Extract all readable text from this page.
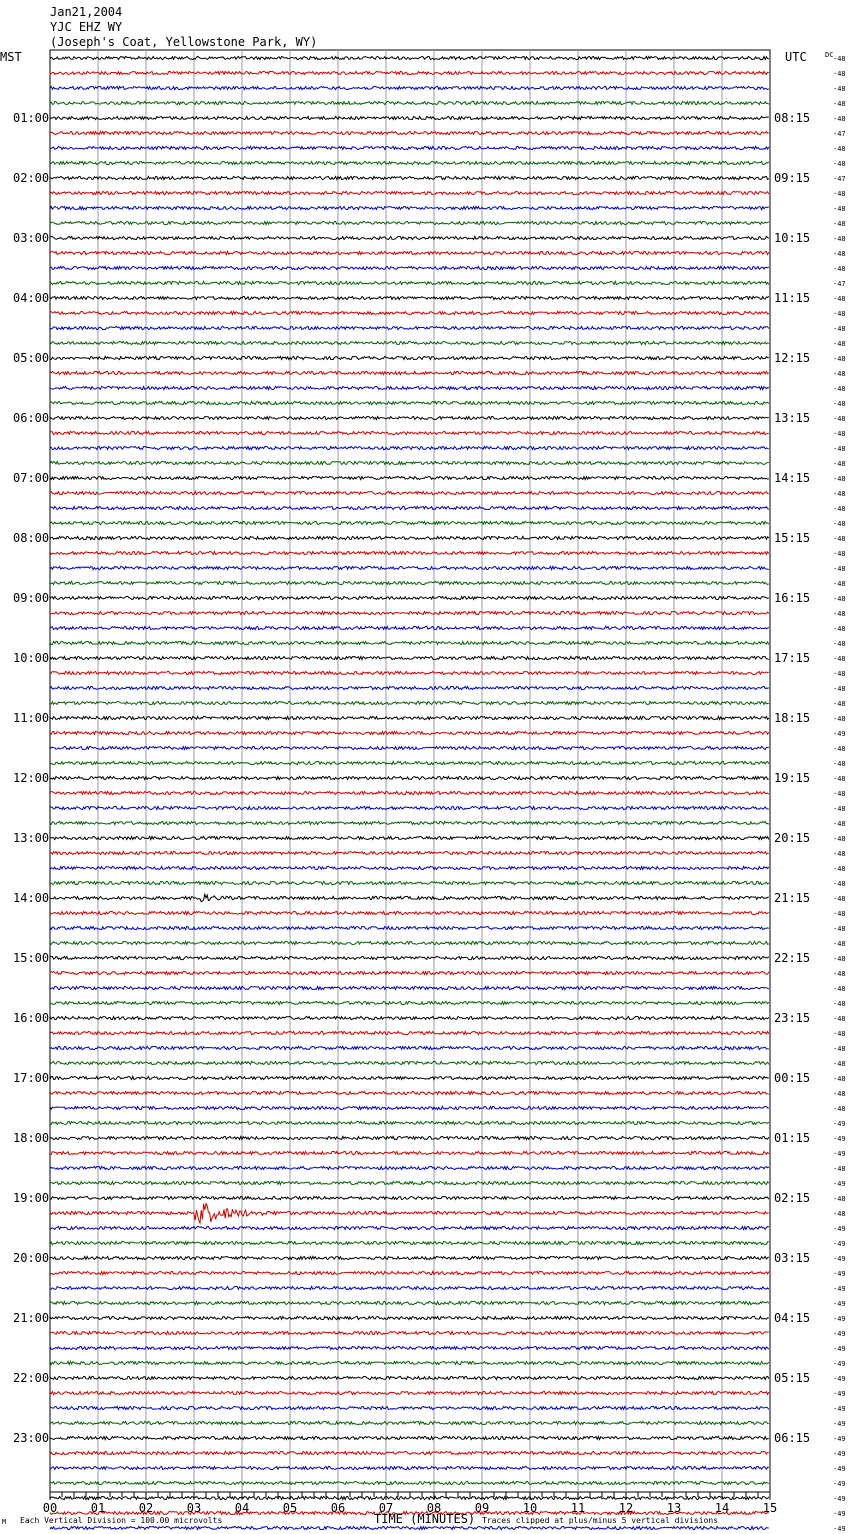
-48
-48
-48
-48
-48
-47
-48
-48
-47
-48
-48
-48
-48
-48
-48
-47
-48
-48
-48
-48
-48
-48
-48
-48
-48
-48
-48
-48
-48
-48
-48
-48
-48
-48
-48
-48
-48
-48
-48
-48
-48
-48
-48
-48
-48
-49
-48
-48
-48
-48
-48
-48
-48
-48
-48
-48
-48
-48
-48
-48
-48
-48
-48
-48
-48
-48
-48
-48
-48
-48
-48
-49
-49
-49
-48
-49
-48
-48
-49
-49
-49
-49
-49
-49
-49
-49
-49
-49
-49
-49
-49
-49
-49
-49
-49
-49
-49
-49
-49
01:00
02:00
03:00
04:00
05:00
06:00
07:00
08:00
09:00
10:00
11:00
12:00
13:00
14:00
15:00
16:00
17:00
18:00
19:00
20:00
21:00
22:00
23:00
08:15
09:15
10:15
11:15
12:15
13:15
14:15
15:15
16:15
17:15
18:15
19:15
20:15
21:15
22:15
23:15
00:15
01:15
02:15
03:15
04:15
05:15
06:15
00	01	02	03	04	05	06	07	08	09	10	11	12	13	14	15
Jan21,2004
YJC EHZ WY
(Joseph's Coat, Yellowstone Park, WY)
MST	UTC	DC
M Each Vertical Division = 100.00 microvolts	TIME (MINUTES) Traces clipped at plus/minus 5 vertical divisions
